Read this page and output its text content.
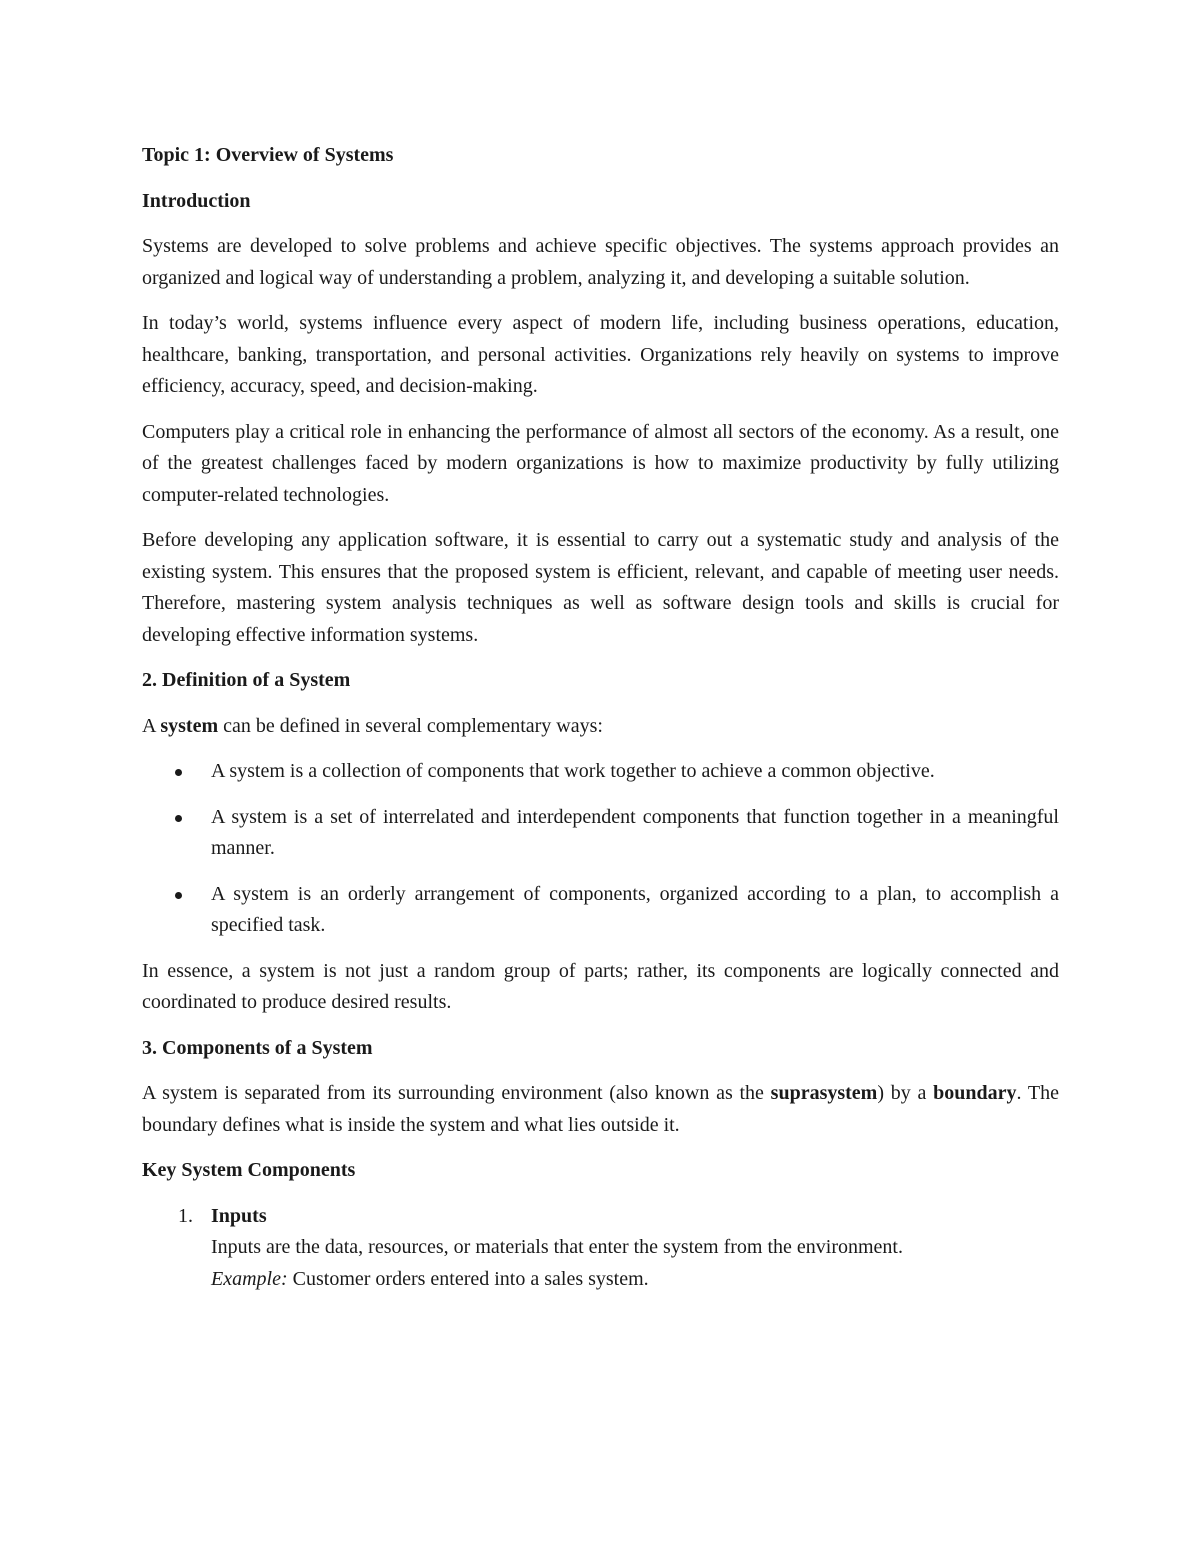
Topic 1: Overview of Systems
Introduction
Systems are developed to solve problems and achieve specific objectives. The systems approach provides an organized and logical way of understanding a problem, analyzing it, and developing a suitable solution.
In today’s world, systems influence every aspect of modern life, including business operations, education, healthcare, banking, transportation, and personal activities. Organizations rely heavily on systems to improve efficiency, accuracy, speed, and decision-making.
Computers play a critical role in enhancing the performance of almost all sectors of the economy. As a result, one of the greatest challenges faced by modern organizations is how to maximize productivity by fully utilizing computer-related technologies.
Before developing any application software, it is essential to carry out a systematic study and analysis of the existing system. This ensures that the proposed system is efficient, relevant, and capable of meeting user needs. Therefore, mastering system analysis techniques as well as software design tools and skills is crucial for developing effective information systems.
2. Definition of a System
A system can be defined in several complementary ways:
A system is a collection of components that work together to achieve a common objective.
A system is a set of interrelated and interdependent components that function together in a meaningful manner.
A system is an orderly arrangement of components, organized according to a plan, to accomplish a specified task.
In essence, a system is not just a random group of parts; rather, its components are logically connected and coordinated to produce desired results.
3. Components of a System
A system is separated from its surrounding environment (also known as the suprasystem) by a boundary. The boundary defines what is inside the system and what lies outside it.
Key System Components
1. Inputs
Inputs are the data, resources, or materials that enter the system from the environment.
Example: Customer orders entered into a sales system.
